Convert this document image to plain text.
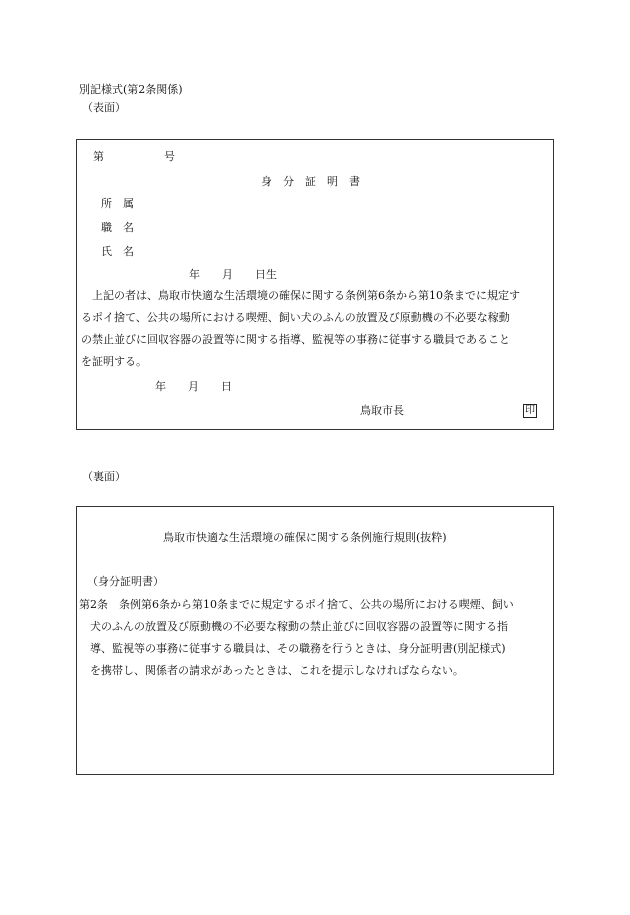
別記様式(第2条関係)
（表面）
第	号
身　分　証　明　書
所　属
職　名
氏　名
年　　月　　日生

　上記の者は、鳥取市快適な生活環境の確保に関する条例第6条から第10条までに規定す

るポイ捨て、公共の場所における喫煙、飼い犬のふんの放置及び原動機の不必要な稼動

の禁止並びに回収容器の設置等に関する指導、監視等の事務に従事する職員であること

を証明する。

年　　月　　日
鳥取市長	印
（裏面）
鳥取市快適な生活環境の確保に関する条例施行規則(抜粋)
（身分証明書）

第2条　条例第6条から第10条までに規定するポイ捨て、公共の場所における喫煙、飼い

犬のふんの放置及び原動機の不必要な稼動の禁止並びに回収容器の設置等に関する指

導、監視等の事務に従事する職員は、その職務を行うときは、身分証明書(別記様式)

を携帯し、関係者の請求があったときは、これを提示しなければならない。
